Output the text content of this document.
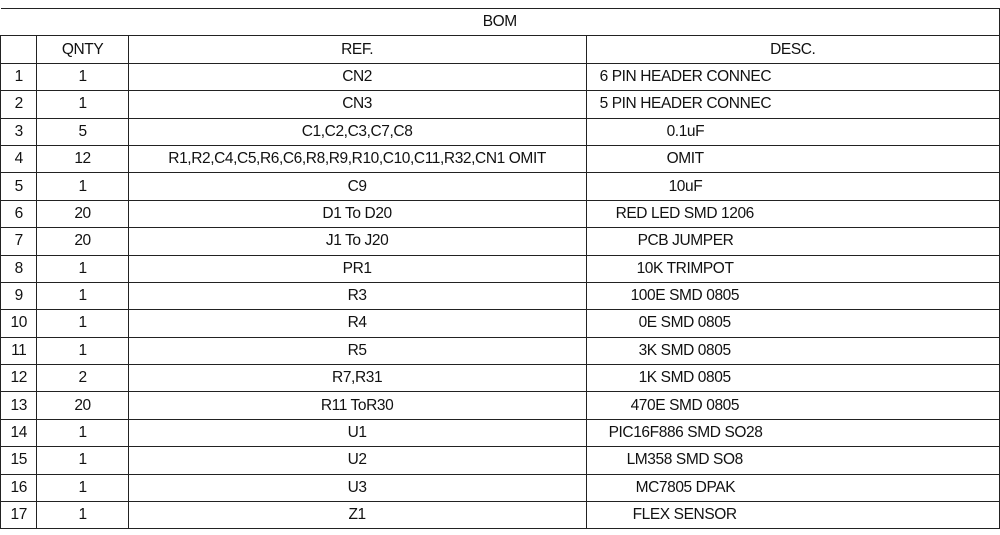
BOM			
	QNTY	REF.	DESC.
1	1	CN2	6 PIN HEADER CONNEC
2	1	CN3	5 PIN HEADER CONNEC
3	5	C1,C2,C3,C7,C8	0.1uF
4	12	R1,R2,C4,C5,R6,C6,R8,R9,R10,C10,C11,R32,CN1 OMIT	OMIT
5	1	C9	10uF
6	20	D1 To D20	RED LED SMD 1206
7	20	J1 To J20	PCB JUMPER
8	1	PR1	10K TRIMPOT
9	1	R3	100E SMD 0805
10	1	R4	0E SMD 0805
11	1	R5	3K SMD 0805
12	2	R7,R31	1K SMD 0805
13	20	R11 ToR30	470E SMD 0805
14	1	U1	PIC16F886 SMD SO28
15	1	U2	LM358 SMD SO8
16	1	U3	MC7805 DPAK
17	1	Z1	FLEX SENSOR
